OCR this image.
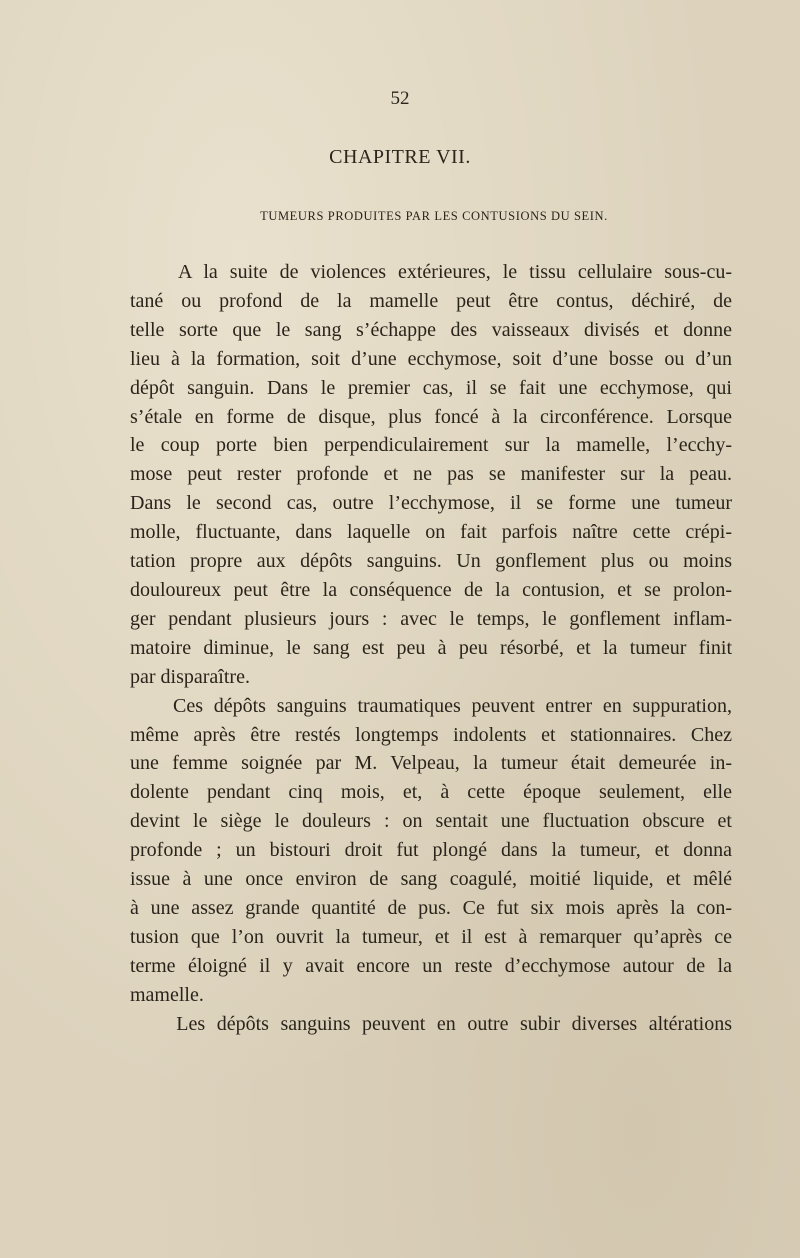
52
CHAPITRE VII.
TUMEURS PRODUITES PAR LES CONTUSIONS DU SEIN.
A la suite de violences extérieures, le tissu cellulaire sous-cu-
tané ou profond de la mamelle peut être contus, déchiré, de
telle sorte que le sang s’échappe des vaisseaux divisés et donne
lieu à la formation, soit d’une ecchymose, soit d’une bosse ou d’un
dépôt sanguin. Dans le premier cas, il se fait une ecchymose, qui
s’étale en forme de disque, plus foncé à la circonférence. Lorsque
le coup porte bien perpendiculairement sur la mamelle, l’ecchy-
mose peut rester profonde et ne pas se manifester sur la peau.
Dans le second cas, outre l’ecchymose, il se forme une tumeur
molle, fluctuante, dans laquelle on fait parfois naître cette crépi-
tation propre aux dépôts sanguins. Un gonflement plus ou moins
douloureux peut être la conséquence de la contusion, et se prolon-
ger pendant plusieurs jours : avec le temps, le gonflement inflam-
matoire diminue, le sang est peu à peu résorbé, et la tumeur finit
par disparaître.
Ces dépôts sanguins traumatiques peuvent entrer en suppuration,
même après être restés longtemps indolents et stationnaires. Chez
une femme soignée par M. Velpeau, la tumeur était demeurée in-
dolente pendant cinq mois, et, à cette époque seulement, elle
devint le siège le douleurs : on sentait une fluctuation obscure et
profonde ; un bistouri droit fut plongé dans la tumeur, et donna
issue à une once environ de sang coagulé, moitié liquide, et mêlé
à une assez grande quantité de pus. Ce fut six mois après la con-
tusion que l’on ouvrit la tumeur, et il est à remarquer qu’après ce
terme éloigné il y avait encore un reste d’ecchymose autour de la
mamelle.
Les dépôts sanguins peuvent en outre subir diverses altérations
